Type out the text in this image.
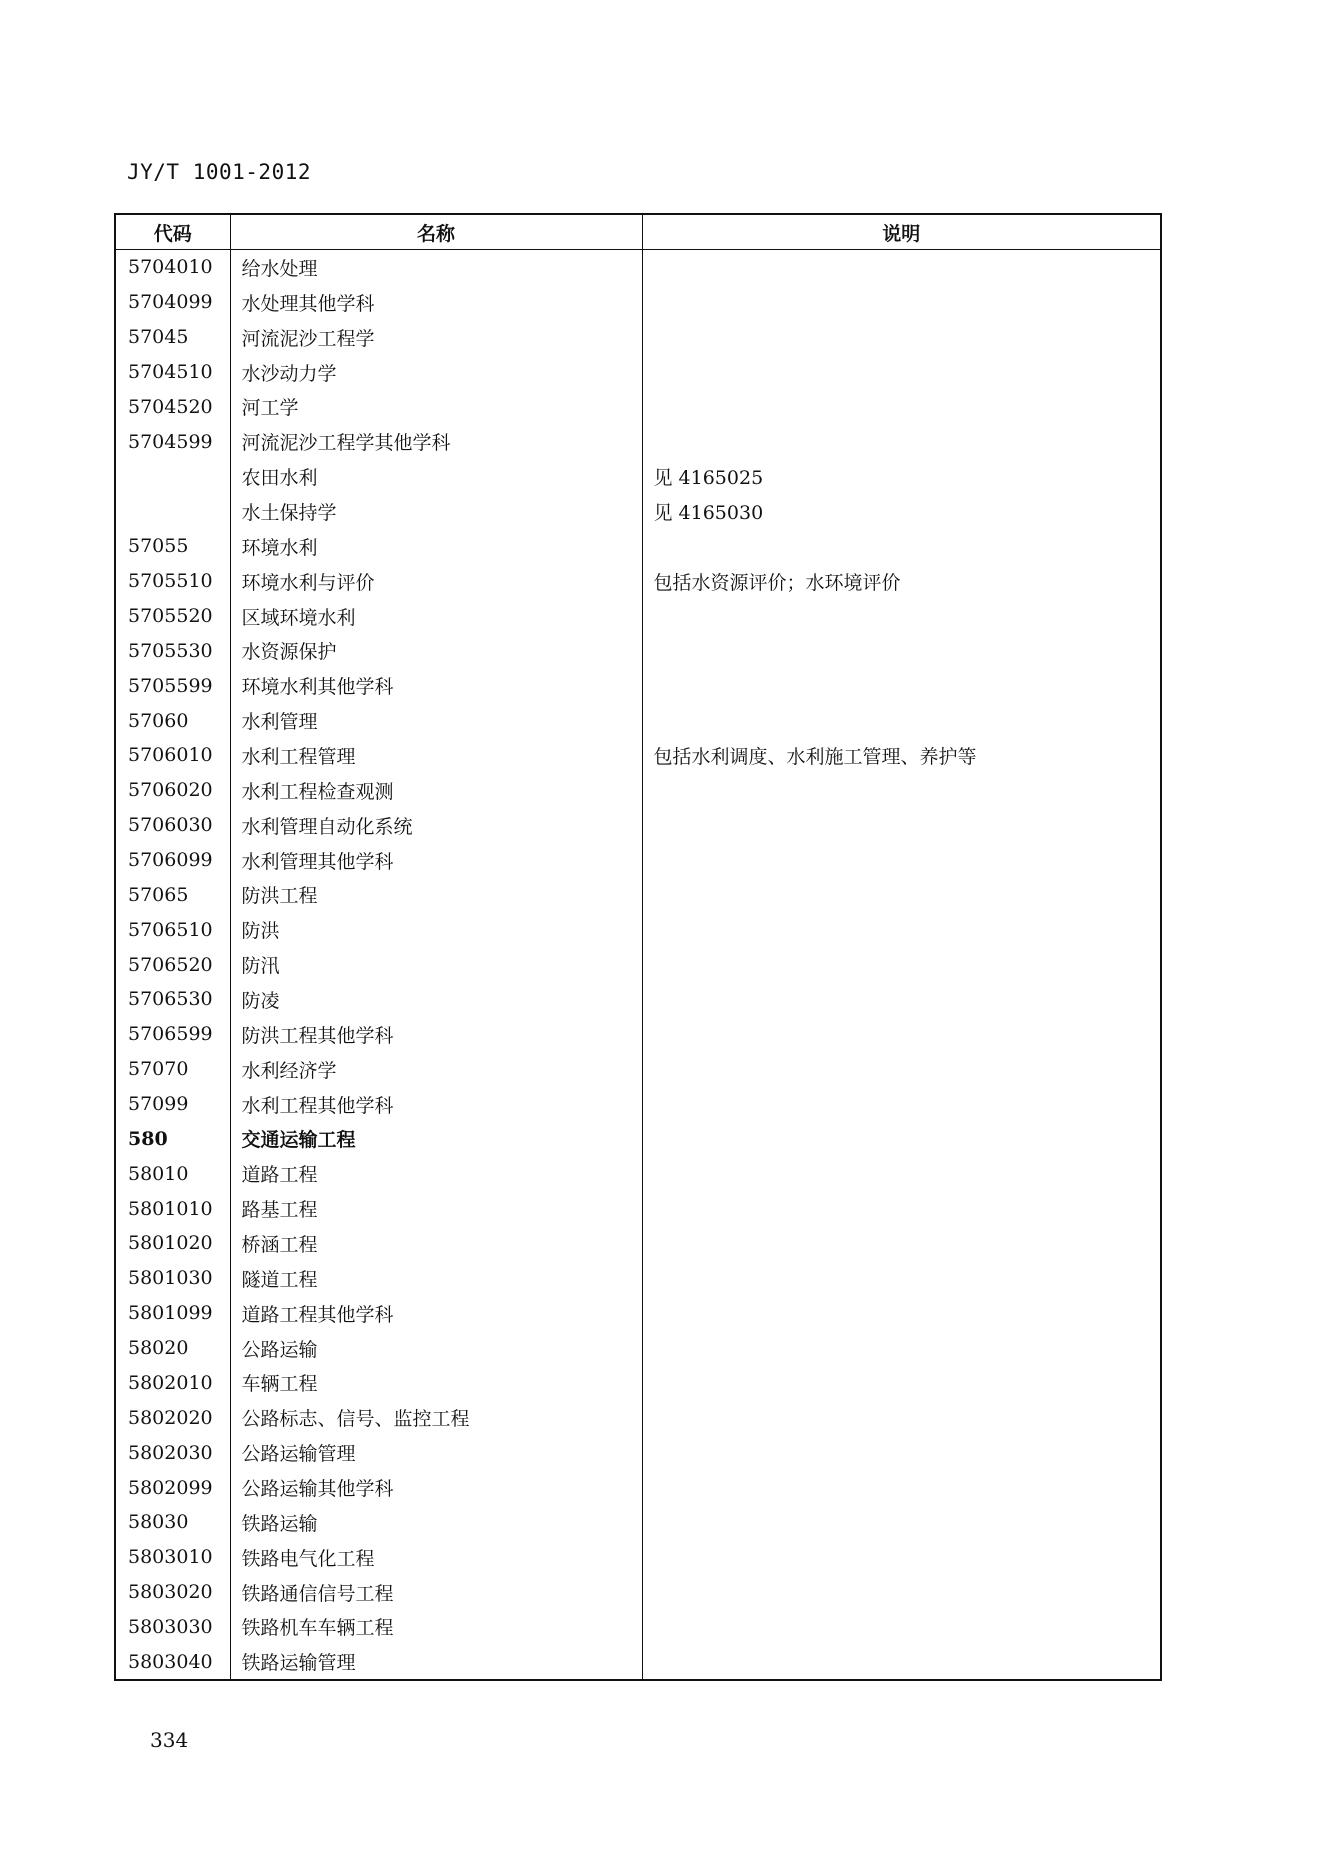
JY/T 1001-2012
代码	名称	说明
5704010	给水处理	
5704099	水处理其他学科	
57045	河流泥沙工程学	
5704510	水沙动力学	
5704520	河工学	
5704599	河流泥沙工程学其他学科	
	农田水利	见 4165025
	水土保持学	见 4165030
57055	环境水利	
5705510	环境水利与评价	包括水资源评价；水环境评价
5705520	区域环境水利	
5705530	水资源保护	
5705599	环境水利其他学科	
57060	水利管理	
5706010	水利工程管理	包括水利调度、水利施工管理、养护等
5706020	水利工程检查观测	
5706030	水利管理自动化系统	
5706099	水利管理其他学科	
57065	防洪工程	
5706510	防洪	
5706520	防汛	
5706530	防凌	
5706599	防洪工程其他学科	
57070	水利经济学	
57099	水利工程其他学科	
580	交通运输工程	
58010	道路工程	
5801010	路基工程	
5801020	桥涵工程	
5801030	隧道工程	
5801099	道路工程其他学科	
58020	公路运输	
5802010	车辆工程	
5802020	公路标志、信号、监控工程	
5802030	公路运输管理	
5802099	公路运输其他学科	
58030	铁路运输	
5803010	铁路电气化工程	
5803020	铁路通信信号工程	
5803030	铁路机车车辆工程	
5803040	铁路运输管理	
334
